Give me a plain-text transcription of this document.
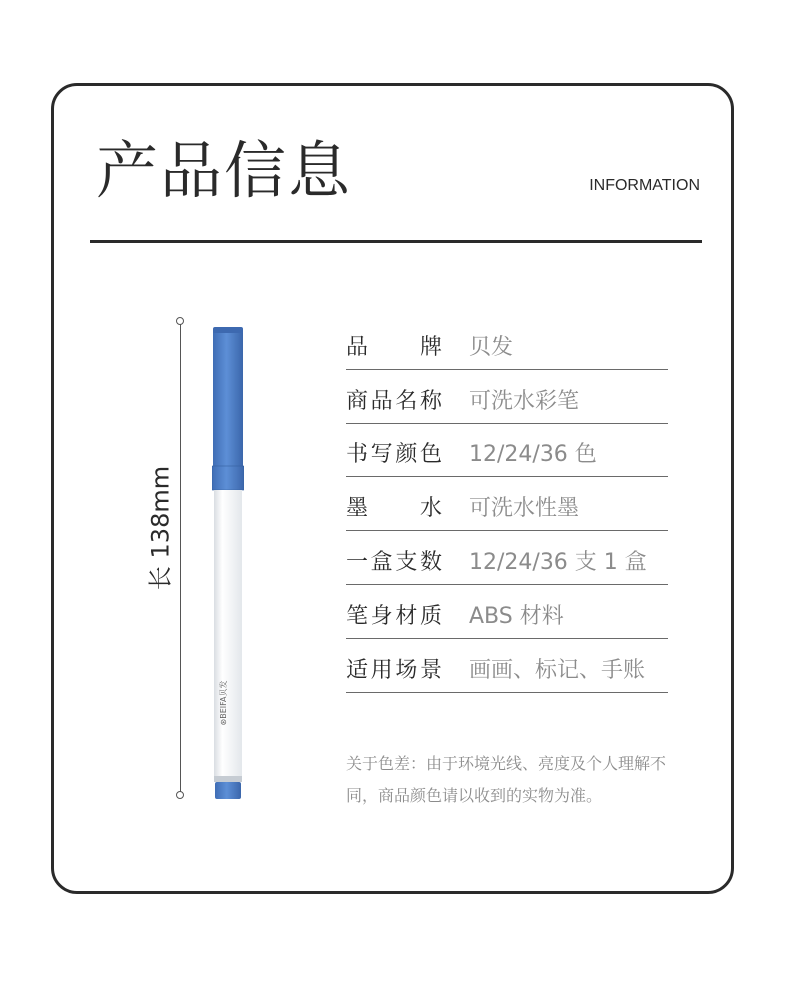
产品信息	INFORMATION
长 138mm
⊛BEIFA贝发
品牌 贝发
商品名称 可洗水彩笔
书写颜色 12/24/36 色
墨水 可洗水性墨
一盒支数 12/24/36 支 1 盒
笔身材质 ABS 材料
适用场景 画画、标记、手账
关于色差：由于环境光线、亮度及个人理解不同，商品颜色请以收到的实物为准。
